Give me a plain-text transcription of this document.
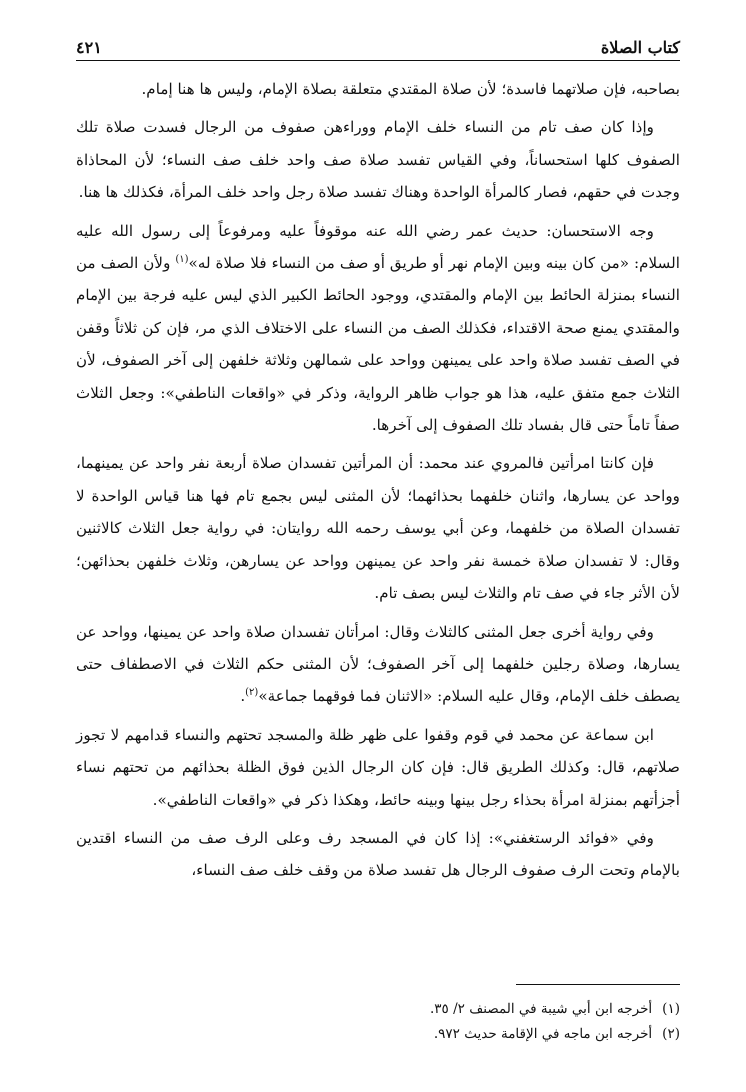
كتاب الصلاة
٤٢١

بصاحبه، فإن صلاتهما فاسدة؛ لأن صلاة المقتدي متعلقة بصلاة الإمام، وليس ها هنا إمام.

وإذا كان صف تام من النساء خلف الإمام ووراءهن صفوف من الرجال فسدت صلاة تلك الصفوف كلها استحساناً، وفي القياس تفسد صلاة صف واحد خلف صف النساء؛ لأن المحاذاة وجدت في حقهم، فصار كالمرأة الواحدة وهناك تفسد صلاة رجل واحد خلف المرأة، فكذلك ها هنا.

وجه الاستحسان: حديث عمر رضي الله عنه موقوفاً عليه ومرفوعاً إلى رسول الله عليه السلام: «من كان بينه وبين الإمام نهر أو طريق أو صف من النساء فلا صلاة له»$^{(١)}$ ولأن الصف من النساء بمنزلة الحائط بين الإمام والمقتدي، ووجود الحائط الكبير الذي ليس عليه فرجة بين الإمام والمقتدي يمنع صحة الاقتداء، فكذلك الصف من النساء على الاختلاف الذي مر، فإن كن ثلاثاً وقفن في الصف تفسد صلاة واحد على يمينهن وواحد على شمالهن وثلاثة خلفهن إلى آخر الصفوف، لأن الثلاث جمع متفق عليه، هذا هو جواب ظاهر الرواية، وذكر في «واقعات الناطفي»: وجعل الثلاث صفاً تاماً حتى قال بفساد تلك الصفوف إلى آخرها.

فإن كانتا امرأتين فالمروي عند محمد: أن المرأتين تفسدان صلاة أربعة نفر واحد عن يمينهما، وواحد عن يسارها، واثنان خلفهما بحذائهما؛ لأن المثنى ليس بجمع تام فها هنا قياس الواحدة لا تفسدان الصلاة من خلفهما، وعن أبي يوسف رحمه الله روايتان: في رواية جعل الثلاث كالاثنين وقال: لا تفسدان صلاة خمسة نفر واحد عن يمينهن وواحد عن يسارهن، وثلاث خلفهن بحذائهن؛ لأن الأثر جاء في صف تام والثلاث ليس بصف تام.

وفي رواية أخرى جعل المثنى كالثلاث وقال: امرأتان تفسدان صلاة واحد عن يمينها، وواحد عن يسارها، وصلاة رجلين خلفهما إلى آخر الصفوف؛ لأن المثنى حكم الثلاث في الاصطفاف حتى يصطف خلف الإمام، وقال عليه السلام: «الاثنان فما فوقهما جماعة»$^{(٢)}$.

ابن سماعة عن محمد في قوم وقفوا على ظهر ظلة والمسجد تحتهم والنساء قدامهم لا تجوز صلاتهم، قال: وكذلك الطريق قال: فإن كان الرجال الذين فوق الظلة بحذائهم من تحتهم نساء أجزأتهم بمنزلة امرأة بحذاء رجل بينها وبينه حائط، وهكذا ذكر في «واقعات الناطفي».

وفي «فوائد الرستغفني»: إذا كان في المسجد رف وعلى الرف صف من النساء اقتدين بالإمام وتحت الرف صفوف الرجال هل تفسد صلاة من وقف خلف صف النساء،

(١)
أخرجه ابن أبي شيبة في المصنف ٢/ ٣٥.
(٢)
أخرجه ابن ماجه في الإقامة حديث ٩٧٢.
